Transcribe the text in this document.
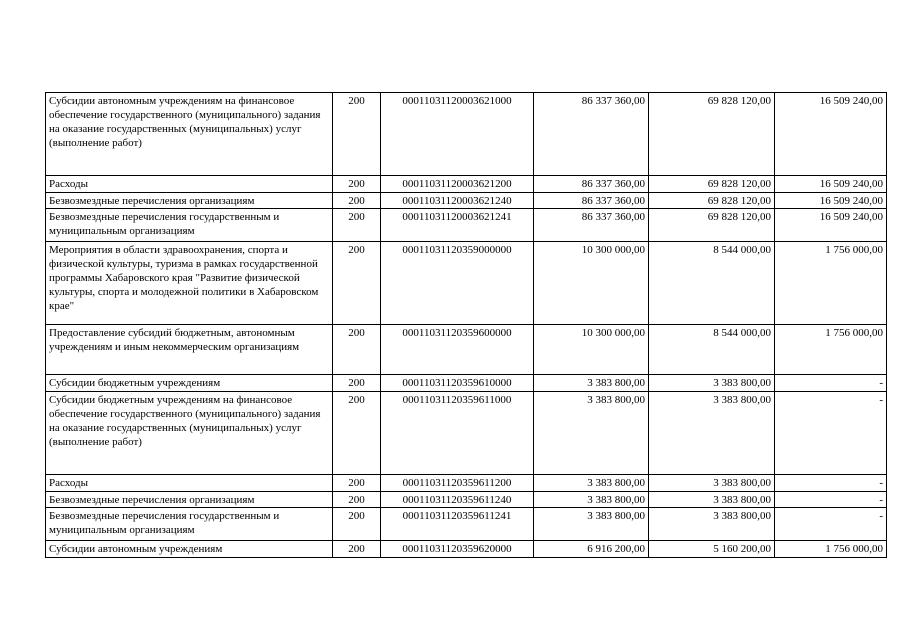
Субсидии автономным учреждениям на финансовое обеспечение государственного (муниципального) задания на оказание государственных (муниципальных) услуг (выполнение работ)	200	00011031120003621000	86 337 360,00	69 828 120,00	16 509 240,00
Расходы	200	00011031120003621200	86 337 360,00	69 828 120,00	16 509 240,00
Безвозмездные перечисления организациям	200	00011031120003621240	86 337 360,00	69 828 120,00	16 509 240,00
Безвозмездные перечисления государственным и муниципальным организациям	200	00011031120003621241	86 337 360,00	69 828 120,00	16 509 240,00
Мероприятия в области здравоохранения, спорта и физической культуры, туризма в рамках государственной программы Хабаровского края "Развитие физической культуры, спорта и молодежной политики в Хабаровском крае"	200	00011031120359000000	10 300 000,00	8 544 000,00	1 756 000,00
Предоставление субсидий бюджетным, автономным учреждениям и иным некоммерческим организациям	200	00011031120359600000	10 300 000,00	8 544 000,00	1 756 000,00
Субсидии бюджетным учреждениям	200	00011031120359610000	3 383 800,00	3 383 800,00	-
Субсидии бюджетным учреждениям на финансовое обеспечение государственного (муниципального) задания на оказание государственных (муниципальных) услуг (выполнение работ)	200	00011031120359611000	3 383 800,00	3 383 800,00	-
Расходы	200	00011031120359611200	3 383 800,00	3 383 800,00	-
Безвозмездные перечисления организациям	200	00011031120359611240	3 383 800,00	3 383 800,00	-
Безвозмездные перечисления государственным и муниципальным организациям	200	00011031120359611241	3 383 800,00	3 383 800,00	-
Субсидии автономным учреждениям	200	00011031120359620000	6 916 200,00	5 160 200,00	1 756 000,00
